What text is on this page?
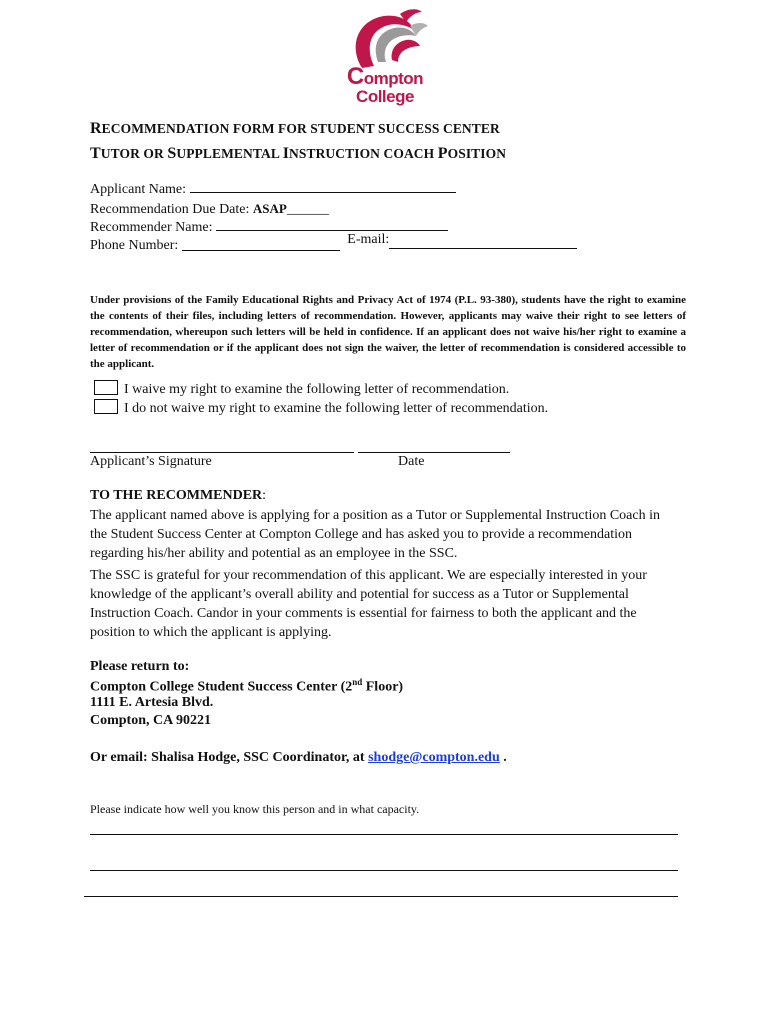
Compton
College
RECOMMENDATION FORM FOR STUDENT SUCCESS CENTER
TUTOR OR SUPPLEMENTAL INSTRUCTION COACH POSITION
Applicant Name:
Recommendation Due Date: ASAP______
Recommender Name:
Phone Number:	E-mail:
Under provisions of the Family Educational Rights and Privacy Act of 1974 (P.L. 93-380), students have the right to examine the contents of their files, including letters of recommendation. However, applicants may waive their right to see letters of recommendation, whereupon such letters will be held in confidence. If an applicant does not waive his/her right to examine a letter of recommendation or if the applicant does not sign the waiver, the letter of recommendation is considered accessible to the applicant.
I waive my right to examine the following letter of recommendation.
I do not waive my right to examine the following letter of recommendation.
Applicant’s Signature	Date
TO THE RECOMMENDER:
The applicant named above is applying for a position as a Tutor or Supplemental Instruction Coach in the Student Success Center at Compton College and has asked you to provide a recommendation regarding his/her ability and potential as an employee in the SSC.
The SSC is grateful for your recommendation of this applicant. We are especially interested in your knowledge of the applicant’s overall ability and potential for success as a Tutor or Supplemental Instruction Coach. Candor in your comments is essential for fairness to both the applicant and the position to which the applicant is applying.
Please return to:
Compton College Student Success Center (2nd Floor)
1111 E. Artesia Blvd.
Compton, CA 90221
Or email: Shalisa Hodge, SSC Coordinator, at shodge@compton.edu .
Please indicate how well you know this person and in what capacity.
